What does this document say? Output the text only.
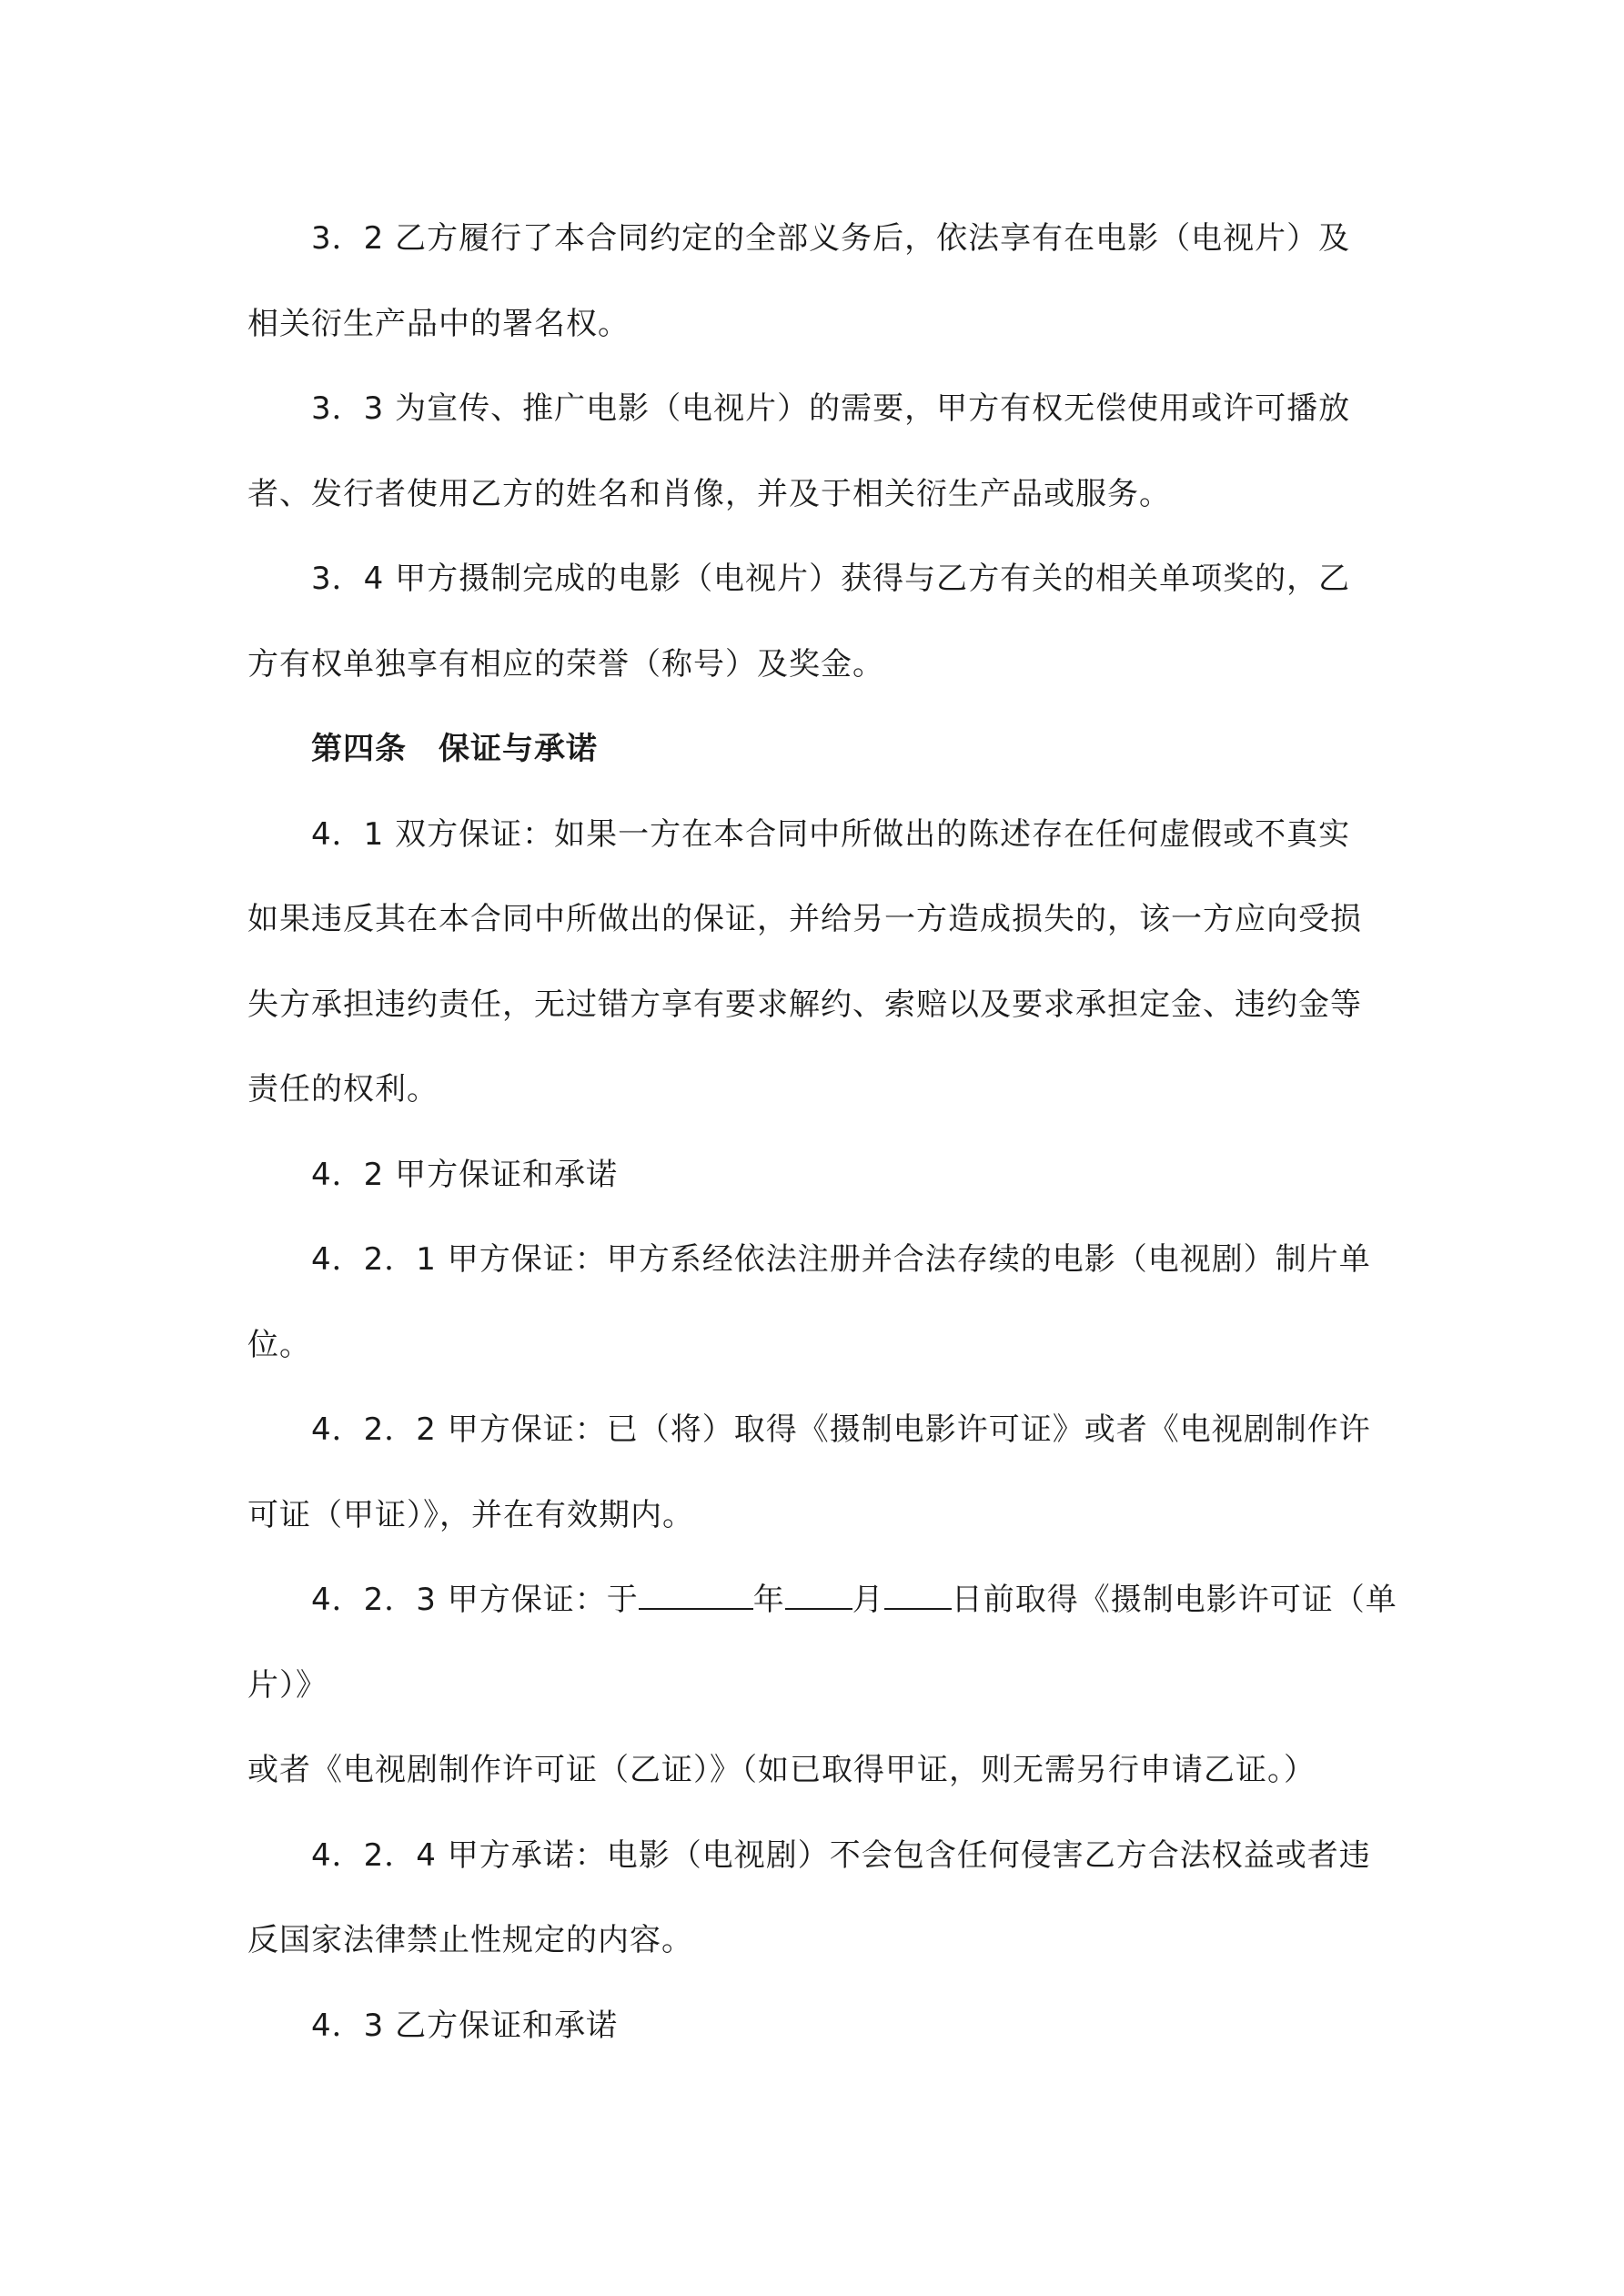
3．2 乙方履行了本合同约定的全部义务后，依法享有在电影（电视片）及
相关衍生产品中的署名权。
3．3 为宣传、推广电影（电视片）的需要，甲方有权无偿使用或许可播放
者、发行者使用乙方的姓名和肖像，并及于相关衍生产品或服务。
3．4 甲方摄制完成的电影（电视片）获得与乙方有关的相关单项奖的，乙
方有权单独享有相应的荣誉（称号）及奖金。
第四条　保证与承诺
4．1 双方保证：如果一方在本合同中所做出的陈述存在任何虚假或不真实
如果违反其在本合同中所做出的保证，并给另一方造成损失的，该一方应向受损
失方承担违约责任，无过错方享有要求解约、索赔以及要求承担定金、违约金等
责任的权利。
4．2 甲方保证和承诺
4．2．1 甲方保证：甲方系经依法注册并合法存续的电影（电视剧）制片单
位。
4．2．2 甲方保证：已（将）取得《摄制电影许可证》或者《电视剧制作许
可证（甲证）》，并在有效期内。
4．2．3 甲方保证：于	年 月 日前取得《摄制电影许可证（单
片）》
或者《电视剧制作许可证（乙证）》（如已取得甲证，则无需另行申请乙证。）
4．2．4 甲方承诺：电影（电视剧）不会包含任何侵害乙方合法权益或者违
反国家法律禁止性规定的内容。
4．3 乙方保证和承诺
